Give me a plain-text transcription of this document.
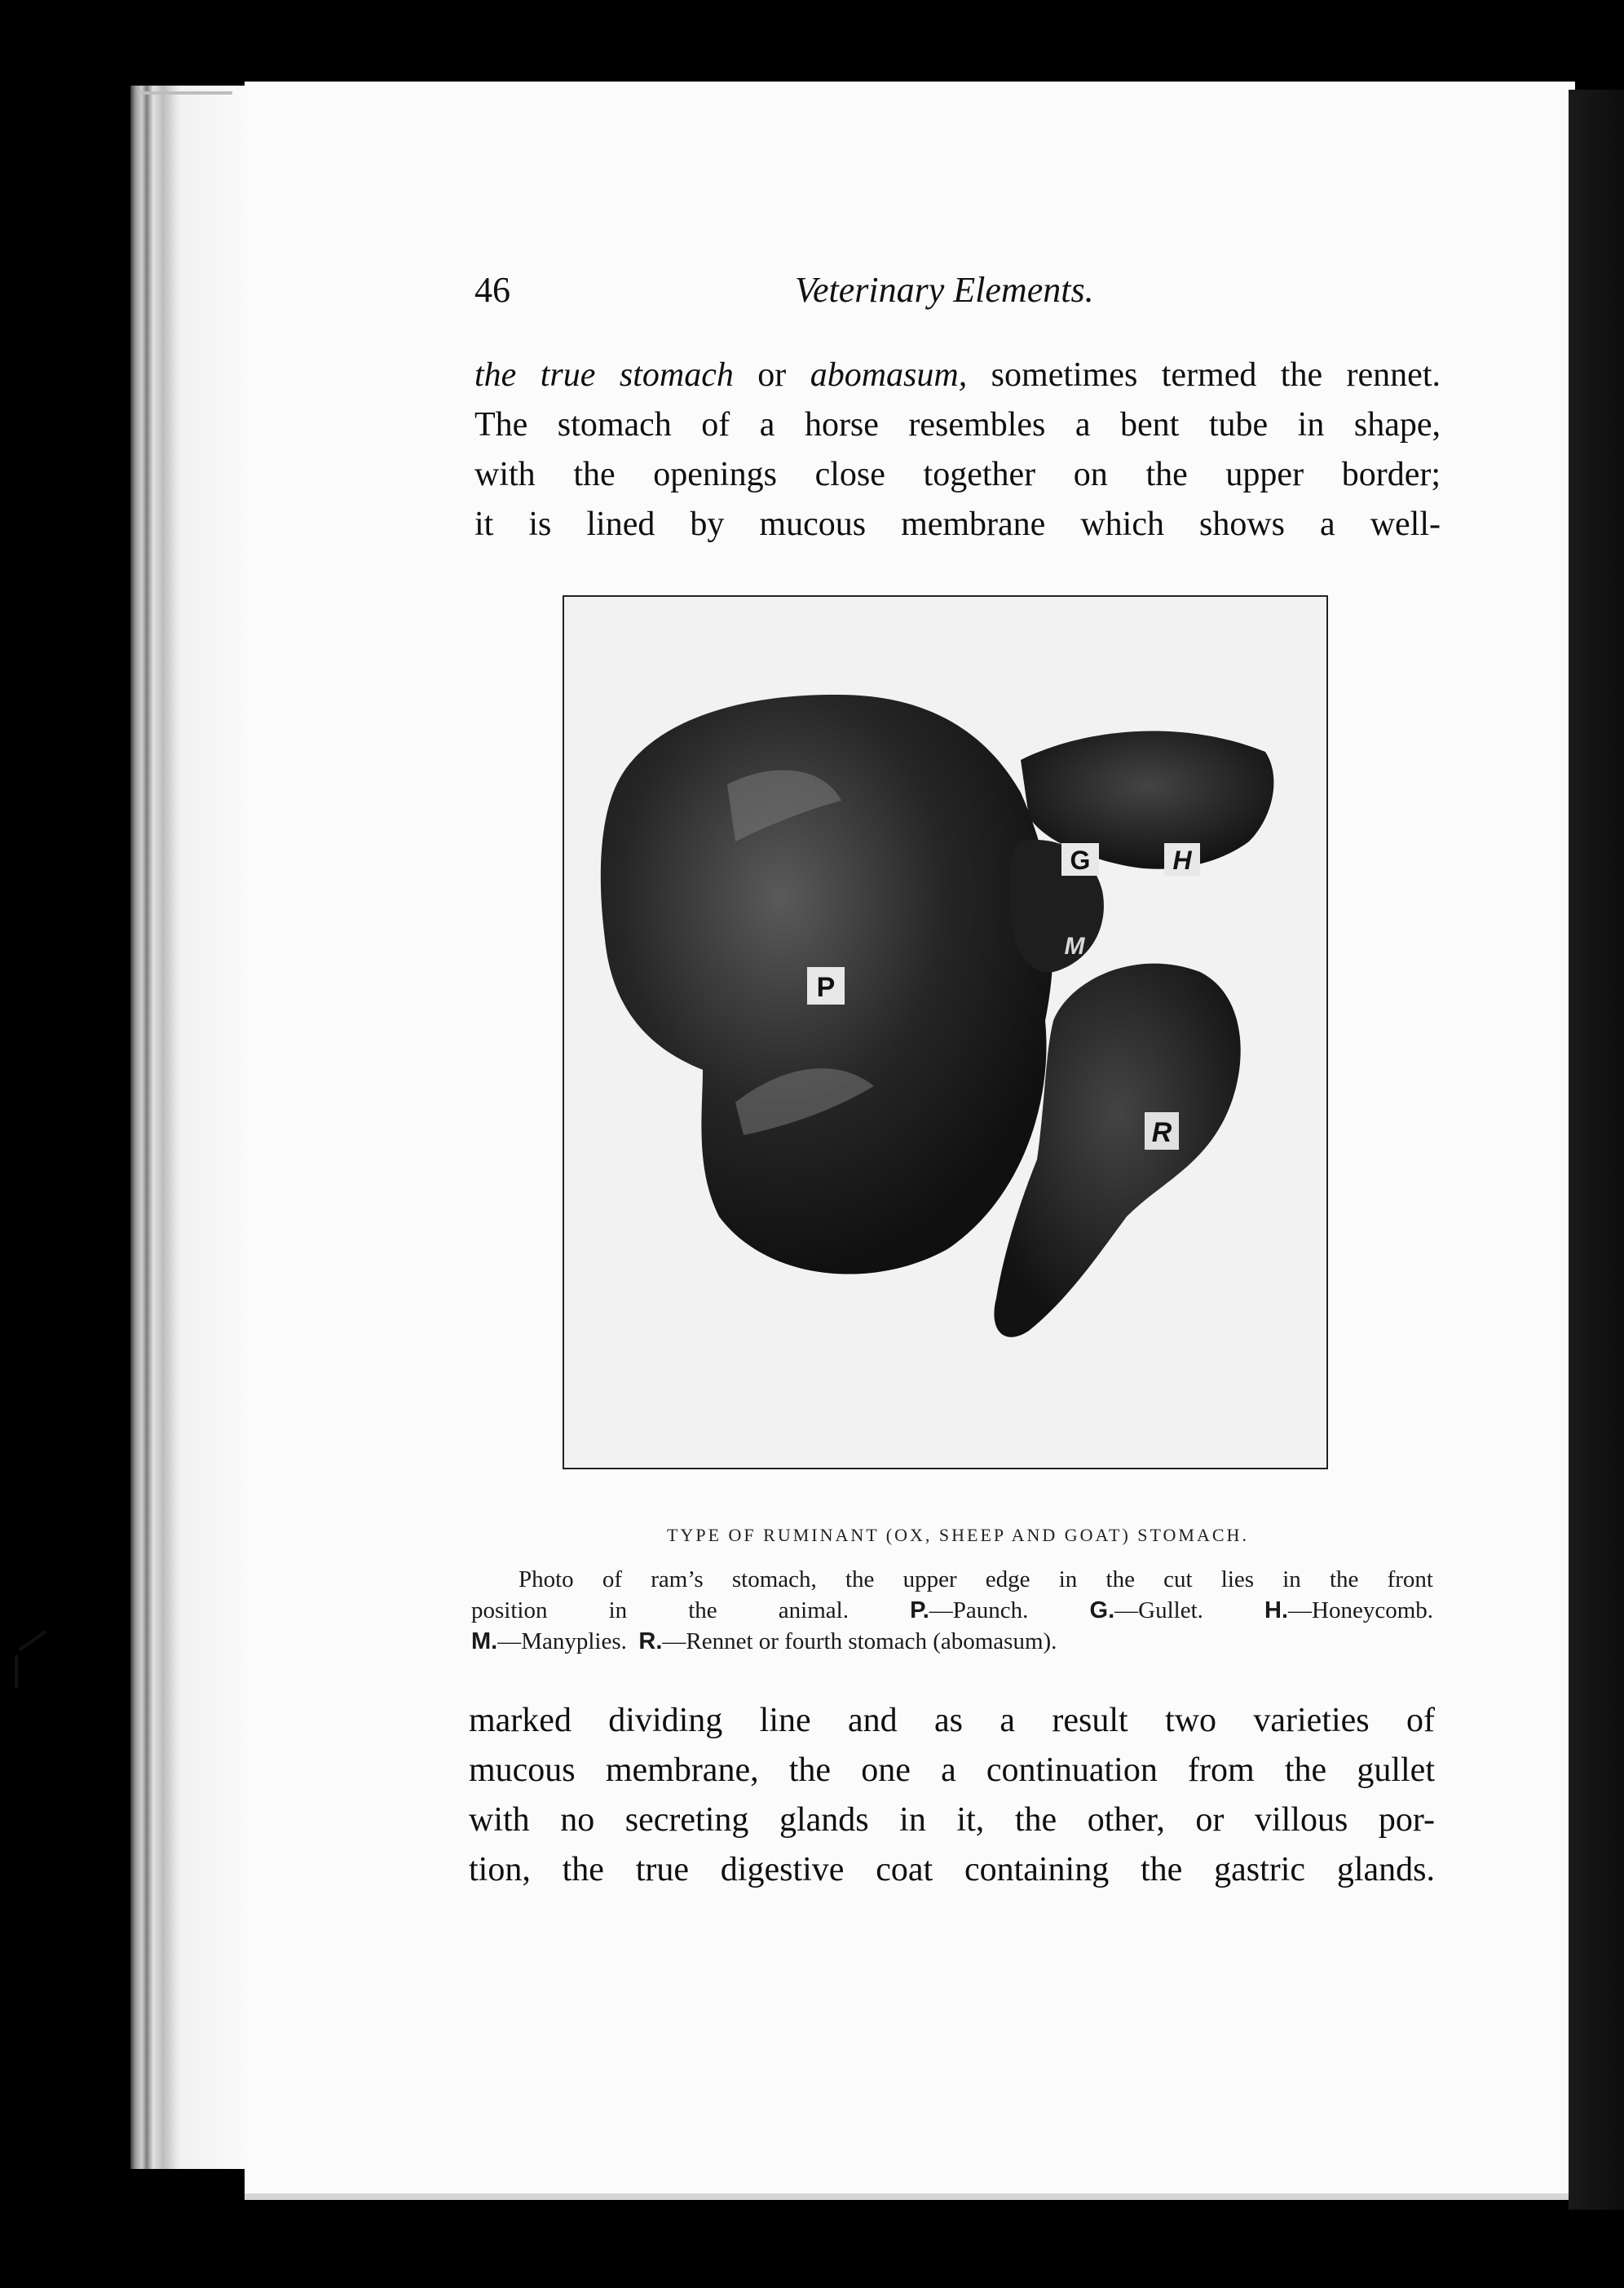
46	Veterinary Elements.
the true stomach or abomasum, sometimes termed the rennet.
The stomach of a horse resembles a bent tube in shape,
with the openings close together on the upper border;
it is lined by mucous membrane which shows a well-
P
G	H
M
R
TYPE OF RUMINANT (OX, SHEEP AND GOAT) STOMACH.
Photo of ram’s stomach, the upper edge in the cut lies in the front
position in the animal.	P.—Paunch.	G.—Gullet.	H.—Honeycomb.
M.—Manyplies. R.—Rennet or fourth stomach (abomasum).
marked dividing line and as a result two varieties of
mucous membrane, the one a continuation from the gullet
with no secreting glands in it, the other, or villous por-
tion, the true digestive coat containing the gastric glands.
